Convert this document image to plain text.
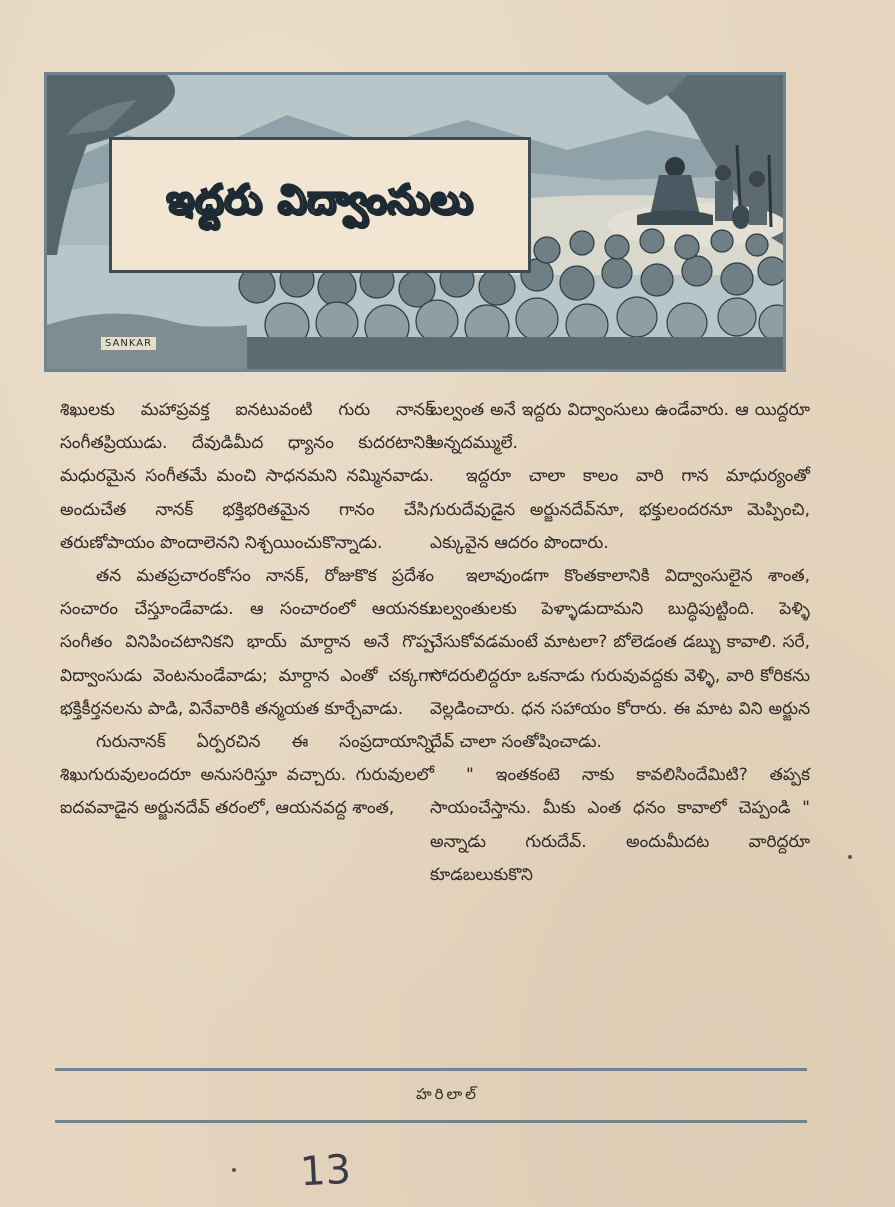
ఇద్దరు విద్వాంసులు
SANKAR

శిఖులకు మహాప్రవక్త ఐనటువంటి గురు నానక్ సంగీతప్రియుడు. దేవుడిమీద ధ్యానం కుదరటానికి మధురమైన సంగీతమే మంచి సాధనమని నమ్మినవాడు. అందుచేత నానక్ భక్తిభరితమైన గానం చేసి, తరుణోపాయం పొందాలెనని నిశ్చయించుకొన్నాడు.

తన మతప్రచారంకోసం నానక్, రోజుకొక ప్రదేశం సంచారం చేస్తూండేవాడు. ఆ సంచారంలో ఆయనకు సంగీతం వినిపించటానికని భాయ్ మార్దాన అనే గొప్ప విద్వాంసుడు వెంటనుండేవాడు; మార్దాన ఎంతో చక్కగా భక్తికీర్తనలను పాడి, వినేవారికి తన్మయత కూర్చేవాడు.

గురునానక్ ఏర్పరచిన ఈ సంప్రదాయాన్ని శిఖుగురువులందరూ అనుసరిస్తూ వచ్చారు. గురువులలో ఐదవవాడైన అర్జునదేవ్ తరంలో, ఆయనవద్ద శాంత,

బల్వంత అనే ఇద్దరు విద్వాంసులు ఉండేవారు. ఆ యిద్దరూ అన్నదమ్ములే.

ఇద్దరూ చాలా కాలం వారి గాన మాధుర్యంతో గురుదేవుడైన అర్జునదేవ్‌నూ, భక్తులందరనూ మెప్పించి, ఎక్కువైన ఆదరం పొందారు.

ఇలావుండగా కొంతకాలానికి విద్వాంసులైన శాంత, బల్వంతులకు పెళ్ళాడుదామని బుద్ధిపుట్టింది. పెళ్ళి చేసుకోవడమంటే మాటలా? బోలెడంత డబ్బు కావాలి. సరే, సోదరులిద్దరూ ఒకనాడు గురువువద్దకు వెళ్ళి, వారి కోరికను వెల్లడించారు. ధన సహాయం కోరారు. ఈ మాట విని అర్జున దేవ్ చాలా సంతోషించాడు.

" ఇంతకంటె నాకు కావలిసిందేమిటి? తప్పక సాయంచేస్తాను. మీకు ఎంత ధనం కావాలో చెప్పండి " అన్నాడు గురుదేవ్. అందుమీదట వారిద్దరూ కూడబలుకుకొని

హరిలాల్
13
